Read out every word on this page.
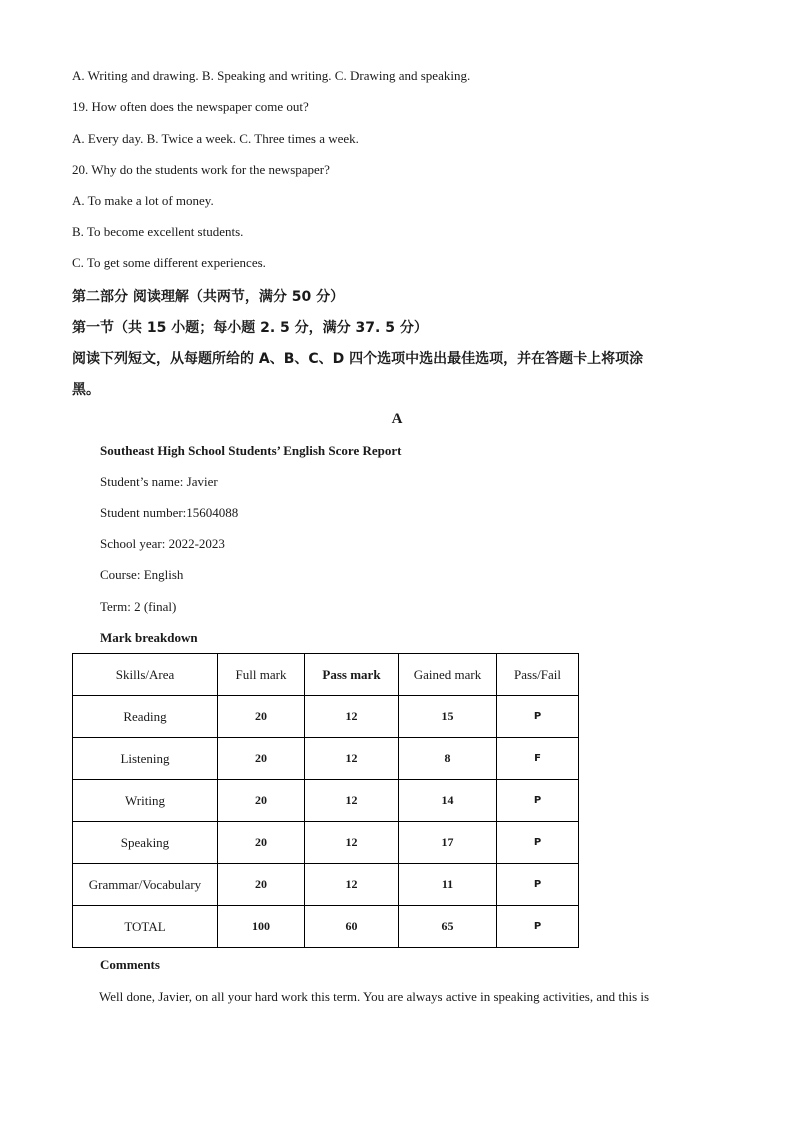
A. Writing and drawing. B. Speaking and writing. C. Drawing and speaking.
19. How often does the newspaper come out?
A. Every day. B. Twice a week. C. Three times a week.
20. Why do the students work for the newspaper?
A. To make a lot of money.
B. To become excellent students.
C. To get some different experiences.
第二部分 阅读理解（共两节，满分 50 分）
第一节（共 15 小题；每小题 2. 5 分，满分 37. 5 分）
阅读下列短文，从每题所给的 A、B、C、D 四个选项中选出最佳选项，并在答题卡上将项涂
黑。
A
Southeast High School Students’ English Score Report
Student’s name: Javier
Student number:15604088
School year: 2022-2023
Course: English
Term: 2 (final)
Mark breakdown
Skills/Area	Full mark	Pass mark	Gained mark	Pass/Fail
Reading	20	12	15	P
Listening	20	12	8	F
Writing	20	12	14	P
Speaking	20	12	17	P
Grammar/Vocabulary	20	12	11	P
TOTAL	100	60	65	P
Comments
Well done, Javier, on all your hard work this term. You are always active in speaking activities, and this is
